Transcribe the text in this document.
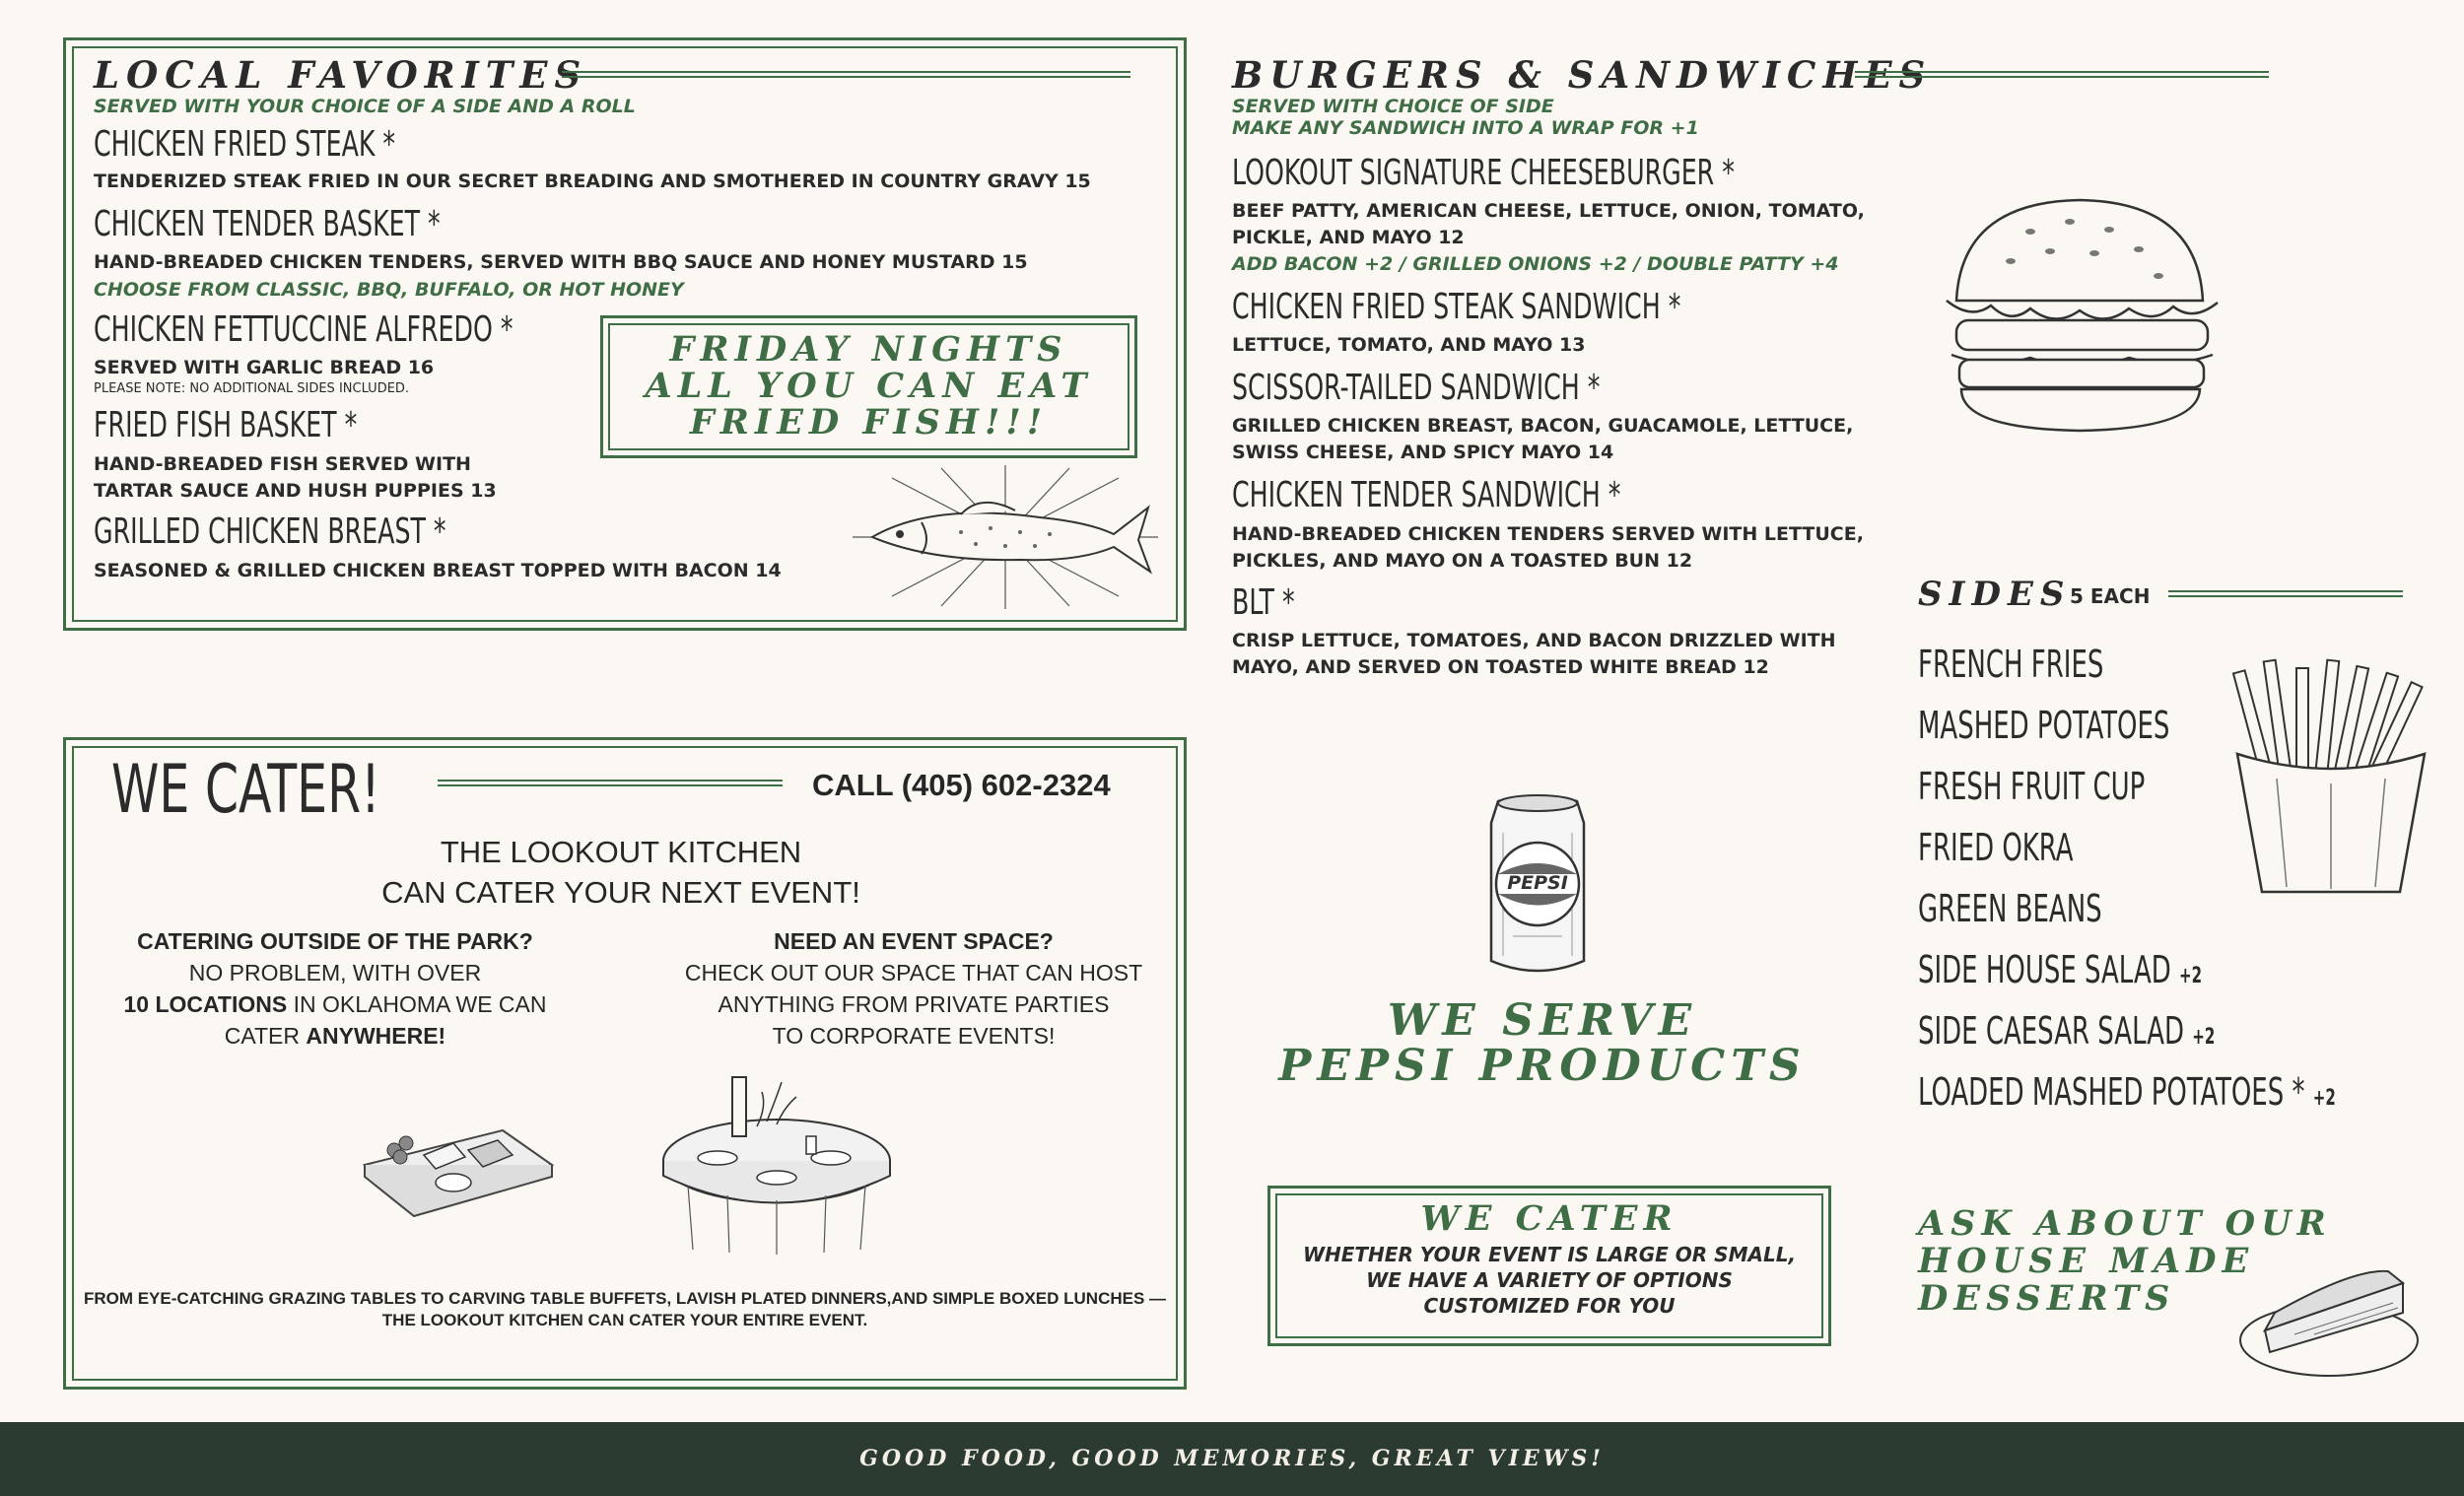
LOCAL FAVORITES
SERVED WITH YOUR CHOICE OF A SIDE AND A ROLL
CHICKEN FRIED STEAK *
TENDERIZED STEAK FRIED IN OUR SECRET BREADING AND SMOTHERED IN COUNTRY GRAVY 15
CHICKEN TENDER BASKET *
HAND-BREADED CHICKEN TENDERS, SERVED WITH BBQ SAUCE AND HONEY MUSTARD 15
CHOOSE FROM CLASSIC, BBQ, BUFFALO, OR HOT HONEY
CHICKEN FETTUCCINE ALFREDO *
SERVED WITH GARLIC BREAD 16
PLEASE NOTE: NO ADDITIONAL SIDES INCLUDED.
FRIED FISH BASKET *
HAND-BREADED FISH SERVED WITH
TARTAR SAUCE AND HUSH PUPPIES 13
GRILLED CHICKEN BREAST *
SEASONED & GRILLED CHICKEN BREAST TOPPED WITH BACON 14
FRIDAY NIGHTS
ALL YOU CAN EAT
FRIED FISH!!!
BURGERS & SANDWICHES
SERVED WITH CHOICE OF SIDE
MAKE ANY SANDWICH INTO A WRAP FOR +1
LOOKOUT SIGNATURE CHEESEBURGER *
BEEF PATTY, AMERICAN CHEESE, LETTUCE, ONION, TOMATO,
PICKLE, AND MAYO 12
ADD BACON +2 / GRILLED ONIONS +2 / DOUBLE PATTY +4
CHICKEN FRIED STEAK SANDWICH *
LETTUCE, TOMATO, AND MAYO 13
SCISSOR-TAILED SANDWICH *
GRILLED CHICKEN BREAST, BACON, GUACAMOLE, LETTUCE,
SWISS CHEESE, AND SPICY MAYO 14
CHICKEN TENDER SANDWICH *
HAND-BREADED CHICKEN TENDERS SERVED WITH LETTUCE,
PICKLES, AND MAYO ON A TOASTED BUN 12
BLT *
CRISP LETTUCE, TOMATOES, AND BACON DRIZZLED WITH
MAYO, AND SERVED ON TOASTED WHITE BREAD 12
SIDES
5 EACH
FRENCH FRIES
MASHED POTATOES
FRESH FRUIT CUP
FRIED OKRA
GREEN BEANS
SIDE HOUSE SALAD +2
SIDE CAESAR SALAD +2
LOADED MASHED POTATOES * +2
WE CATER!	CALL (405) 602-2324
THE LOOKOUT KITCHEN
CAN CATER YOUR NEXT EVENT!
CATERING OUTSIDE OF THE PARK?
NO PROBLEM, WITH OVER
10 LOCATIONS IN OKLAHOMA WE CAN
CATER ANYWHERE!
NEED AN EVENT SPACE?
CHECK OUT OUR SPACE THAT CAN HOST
ANYTHING FROM PRIVATE PARTIES
TO CORPORATE EVENTS!
FROM EYE-CATCHING GRAZING TABLES TO CARVING TABLE BUFFETS, LAVISH PLATED DINNERS,AND SIMPLE BOXED LUNCHES —
THE LOOKOUT KITCHEN CAN CATER YOUR ENTIRE EVENT.
PEPSI
WE SERVE
PEPSI PRODUCTS
WE CATER
WHETHER YOUR EVENT IS LARGE OR SMALL,
WE HAVE A VARIETY OF OPTIONS
CUSTOMIZED FOR YOU
ASK ABOUT OUR
HOUSE MADE
DESSERTS
GOOD FOOD, GOOD MEMORIES, GREAT VIEWS!
